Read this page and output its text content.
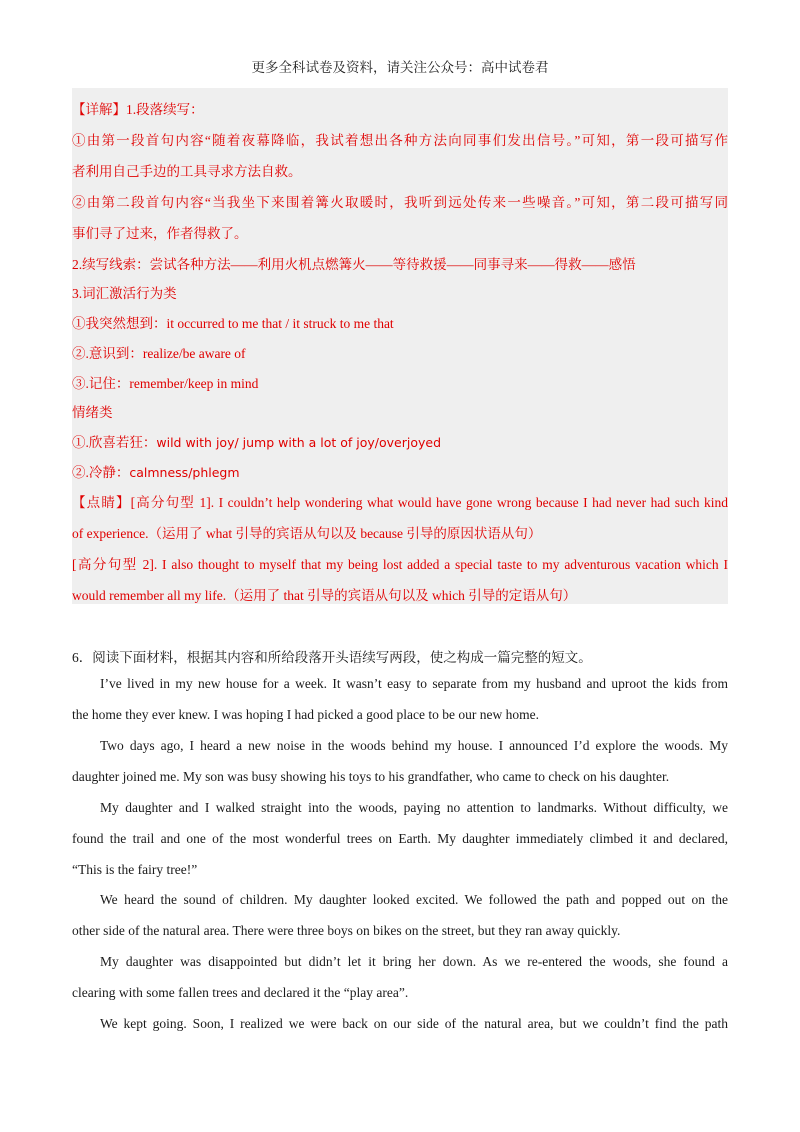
更多全科试卷及资料，请关注公众号：高中试卷君
【详解】1.段落续写：
①由第一段首句内容“随着夜幕降临，我试着想出各种方法向同事们发出信号。”可知，第一段可描写作
者利用自己手边的工具寻求方法自救。
②由第二段首句内容“当我坐下来围着篝火取暖时，我听到远处传来一些噪音。”可知，第二段可描写同
事们寻了过来，作者得救了。
2.续写线索：尝试各种方法——利用火机点燃篝火——等待救援——同事寻来——得救——感悟
3.词汇激活行为类
①我突然想到：it occurred to me that / it struck to me that
②.意识到：realize/be aware of
③.记住：remember/keep in mind
情绪类
①.欣喜若狂：wild with joy/ jump with a lot of joy/overjoyed
②.冷静：calmness/phlegm
【点睛】[高分句型 1]. I couldn’t help wondering what would have gone wrong because I had never had such kind
of experience.（运用了 what 引导的宾语从句以及 because 引导的原因状语从句）
[高分句型 2]. I also thought to myself that my being lost added a special taste to my adventurous vacation which I
would remember all my life.（运用了 that 引导的宾语从句以及 which 引导的定语从句）
6．阅读下面材料，根据其内容和所给段落开头语续写两段，使之构成一篇完整的短文。
I’ve lived in my new house for a week. It wasn’t easy to separate from my husband and uproot the kids from
the home they ever knew. I was hoping I had picked a good place to be our new home.
Two days ago, I heard a new noise in the woods behind my house. I announced I’d explore the woods. My
daughter joined me. My son was busy showing his toys to his grandfather, who came to check on his daughter.
My daughter and I walked straight into the woods, paying no attention to landmarks. Without difficulty, we
found the trail and one of the most wonderful trees on Earth. My daughter immediately climbed it and declared,
“This is the fairy tree!”
We heard the sound of children. My daughter looked excited. We followed the path and popped out on the
other side of the natural area. There were three boys on bikes on the street, but they ran away quickly.
My daughter was disappointed but didn’t let it bring her down. As we re-entered the woods, she found a
clearing with some fallen trees and declared it the “play area”.
We kept going. Soon, I realized we were back on our side of the natural area, but we couldn’t find the path
